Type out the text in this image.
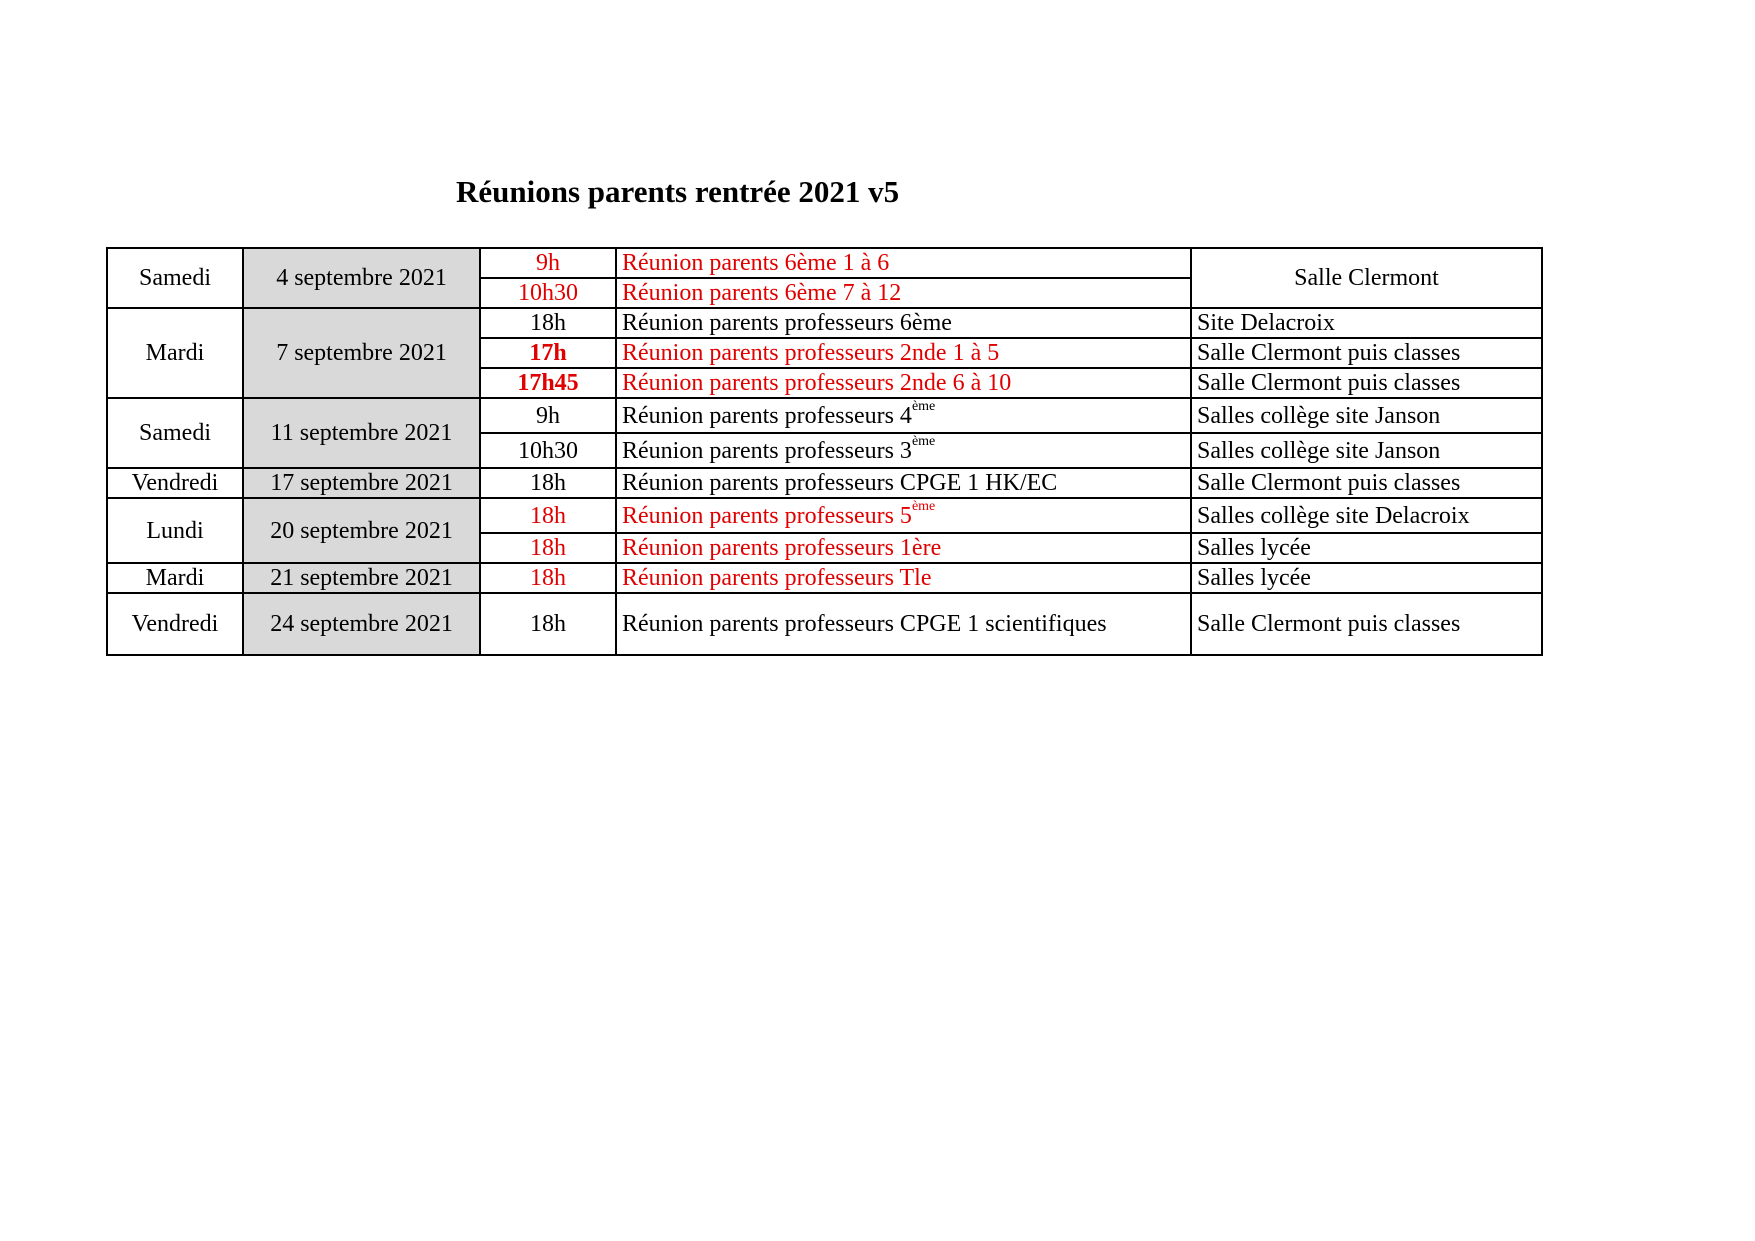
Réunions parents rentrée 2021 v5
Samedi	4 septembre 2021	9h	Réunion parents 6ème 1 à 6	Salle Clermont
		10h30	Réunion parents 6ème 7 à 12	
Mardi	7 septembre 2021	18h	Réunion parents professeurs 6ème	Site Delacroix
		17h	Réunion parents professeurs 2nde 1 à 5	Salle Clermont puis classes
		17h45	Réunion parents professeurs 2nde 6 à 10	Salle Clermont puis classes
Samedi	11 septembre 2021	9h	Réunion parents professeurs 4ème	Salles collège site Janson
		10h30	Réunion parents professeurs 3ème	Salles collège site Janson
Vendredi	17 septembre 2021	18h	Réunion parents professeurs CPGE 1 HK/EC	Salle Clermont puis classes
Lundi	20 septembre 2021	18h	Réunion parents professeurs 5ème	Salles collège site Delacroix
		18h	Réunion parents professeurs 1ère	Salles lycée
Mardi	21 septembre 2021	18h	Réunion parents professeurs Tle	Salles lycée
Vendredi	24 septembre 2021	18h	Réunion parents professeurs CPGE 1 scientifiques	Salle Clermont puis classes
